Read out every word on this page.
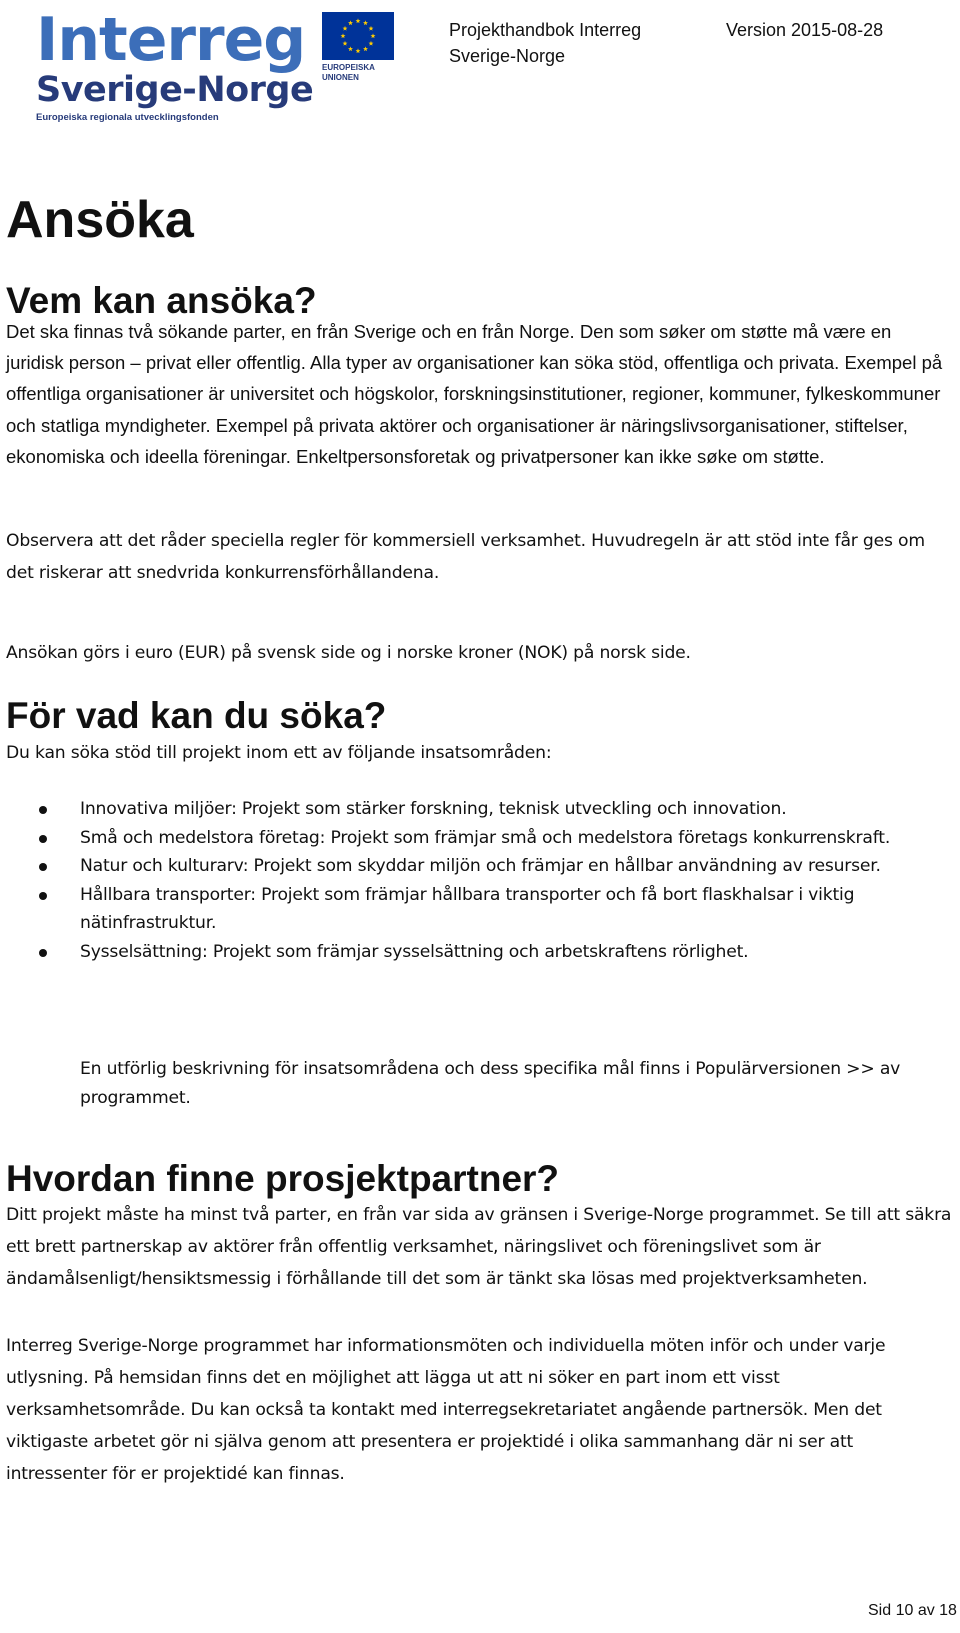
Interreg
Sverige-Norge
Europeiska regionala utvecklingsfonden
EUROPEISKA
UNIONEN
Projekthandbok Interreg Sverige-Norge
Version 2015-08-28
Ansöka
Vem kan ansöka?

Det ska finnas två sökande parter, en från Sverige och en från Norge. Den som søker om støtte må være en juridisk person – privat eller offentlig. Alla typer av organisationer kan söka stöd, offentliga och privata. Exempel på offentliga organisationer är universitet och högskolor, forskningsinstitutioner, regioner, kommuner, fylkeskommuner och statliga myndigheter. Exempel på privata aktörer och organisationer är näringslivsorganisationer, stiftelser, ekonomiska och ideella föreningar. Enkeltpersonsforetak og privatpersoner kan ikke søke om støtte.

Observera att det råder speciella regler för kommersiell verksamhet. Huvudregeln är att stöd inte får ges om det riskerar att snedvrida konkurrensförhållandena.

Ansökan görs i euro (EUR) på svensk side og i norske kroner (NOK) på norsk side.

För vad kan du söka?

Du kan söka stöd till projekt inom ett av följande insatsområden:

Innovativa miljöer: Projekt som stärker forskning, teknisk utveckling och innovation.
Små och medelstora företag: Projekt som främjar små och medelstora företags konkurrenskraft.
Natur och kulturarv: Projekt som skyddar miljön och främjar en hållbar användning av resurser.
Hållbara transporter: Projekt som främjar hållbara transporter och få bort flaskhalsar i viktig nätinfrastruktur.
Sysselsättning: Projekt som främjar sysselsättning och arbetskraftens rörlighet.

En utförlig beskrivning för insatsområdena och dess specifika mål finns i Populärversionen >> av programmet.

Hvordan finne prosjektpartner?

Ditt projekt måste ha minst två parter, en från var sida av gränsen i Sverige-Norge programmet. Se till att säkra ett brett partnerskap av aktörer från offentlig verksamhet, näringslivet och föreningslivet som är ändamålsenligt/hensiktsmessig i förhållande till det som är tänkt ska lösas med projektverksamheten.

Interreg Sverige-Norge programmet har informationsmöten och individuella möten inför och under varje utlysning. På hemsidan finns det en möjlighet att lägga ut att ni söker en part inom ett visst verksamhetsområde. Du kan också ta kontakt med interregsekretariatet angående partnersök. Men det viktigaste arbetet gör ni själva genom att presentera er projektidé i olika sammanhang där ni ser att intressenter för er projektidé kan finnas.

Sid 10 av 18
